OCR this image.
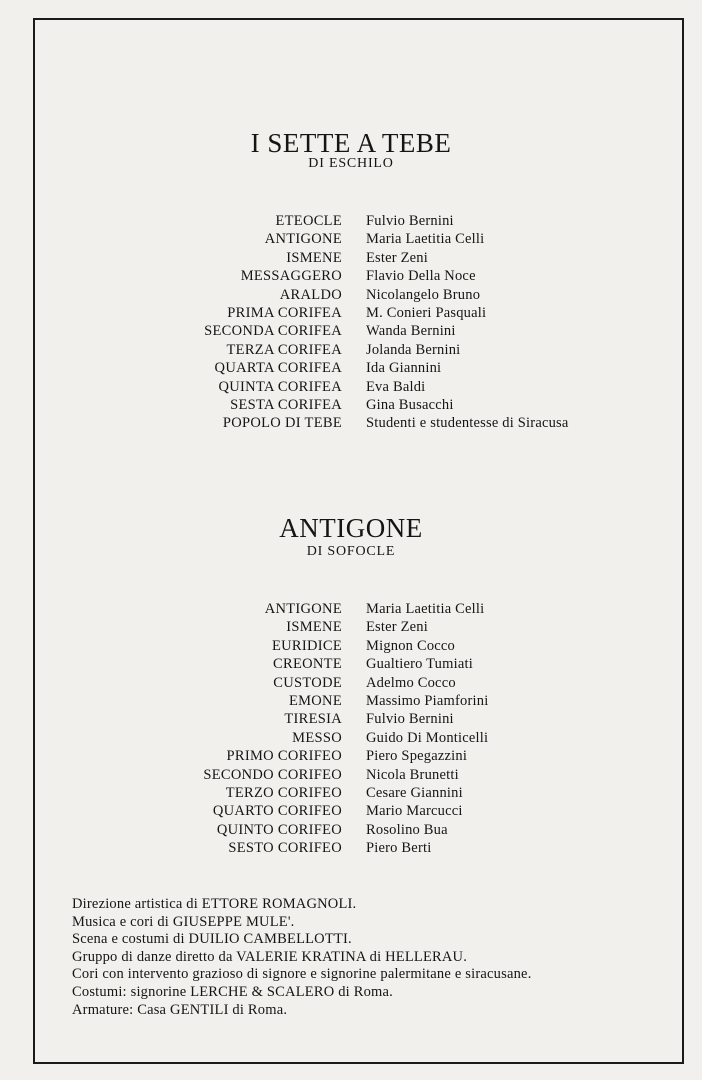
I SETTE A TEBE
DI ESCHILO
ETEOCLE Fulvio Bernini
ANTIGONE Maria Laetitia Celli
ISMENE Ester Zeni
MESSAGGERO Flavio Della Noce
ARALDO Nicolangelo Bruno
PRIMA CORIFEA M. Conieri Pasquali
SECONDA CORIFEA Wanda Bernini
TERZA CORIFEA Jolanda Bernini
QUARTA CORIFEA Ida Giannini
QUINTA CORIFEA Eva Baldi
SESTA CORIFEA Gina Busacchi
POPOLO DI TEBE Studenti e studentesse di Siracusa
ANTIGONE
DI SOFOCLE
ANTIGONE Maria Laetitia Celli
ISMENE Ester Zeni
EURIDICE Mignon Cocco
CREONTE Gualtiero Tumiati
CUSTODE Adelmo Cocco
EMONE Massimo Piamforini
TIRESIA Fulvio Bernini
MESSO Guido Di Monticelli
PRIMO CORIFEO Piero Spegazzini
SECONDO CORIFEO Nicola Brunetti
TERZO CORIFEO Cesare Giannini
QUARTO CORIFEO Mario Marcucci
QUINTO CORIFEO Rosolino Bua
SESTO CORIFEO Piero Berti
Direzione artistica di ETTORE ROMAGNOLI.
Musica e cori di GIUSEPPE MULE'.
Scena e costumi di DUILIO CAMBELLOTTI.
Gruppo di danze diretto da VALERIE KRATINA di HELLERAU.
Cori con intervento grazioso di signore e signorine palermitane e siracusane.
Costumi: signorine LERCHE & SCALERO di Roma.
Armature: Casa GENTILI di Roma.
